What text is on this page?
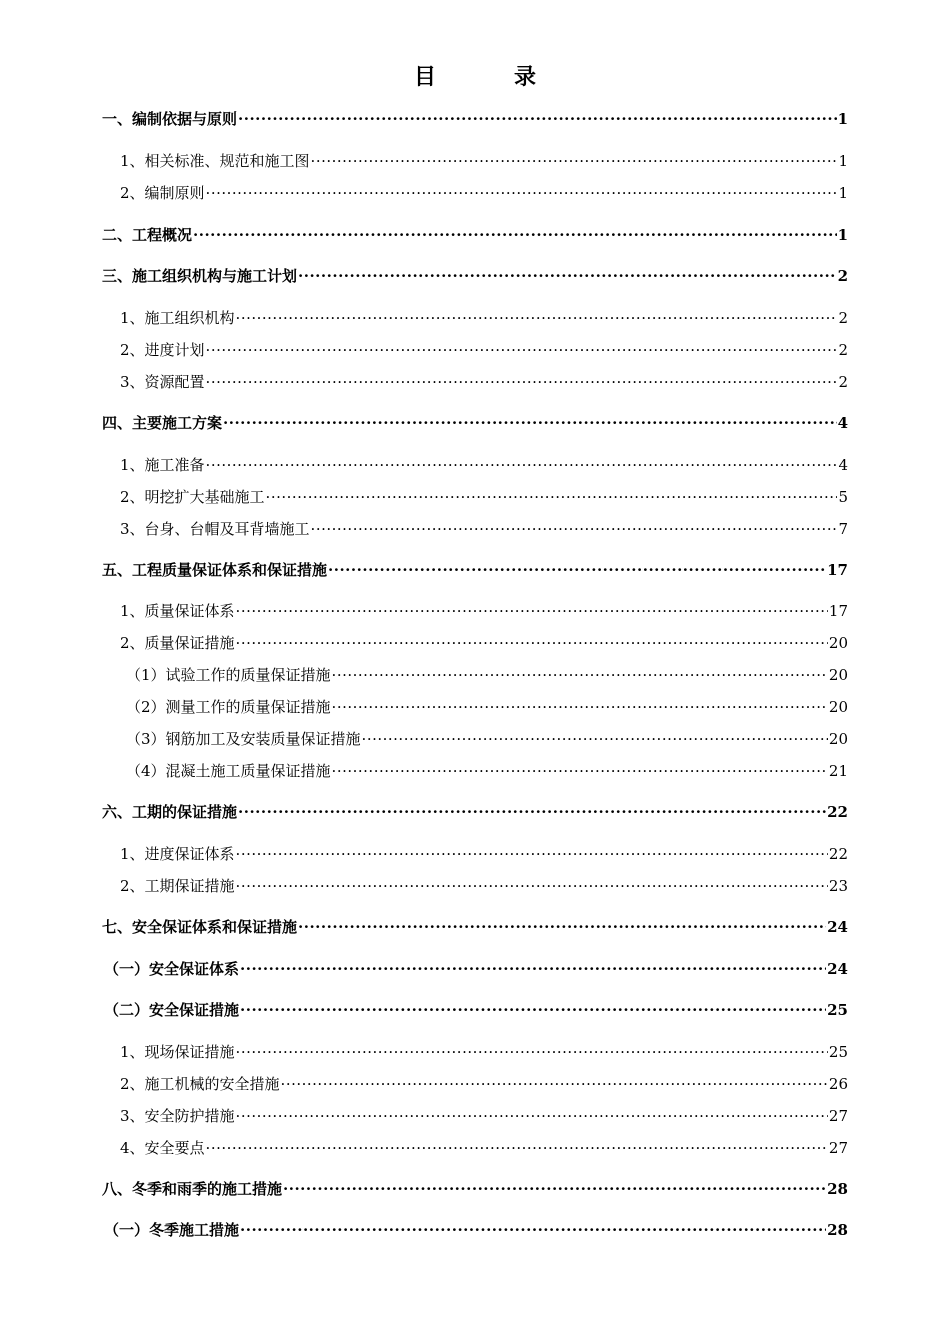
目　录
一、编制依据与原则 ·····	1
1、相关标准、规范和施工图 ·····	1
2、编制原则 ·····	1
二、工程概况 ·····	1
三、施工组织机构与施工计划 ·····	2
1、施工组织机构 ·····	2
2、进度计划 ·····	2
3、资源配置 ·····	2
四、主要施工方案 ·····	4
1、施工准备 ·····	4
2、明挖扩大基础施工 ·····	5
3、台身、台帽及耳背墙施工 ·····	7
五、工程质量保证体系和保证措施 ·····	17
1、质量保证体系 ·····	17
2、质量保证措施 ·····	20
（1）试验工作的质量保证措施 ·····	20
（2）测量工作的质量保证措施 ·····	20
（3）钢筋加工及安装质量保证措施 ·····	20
（4）混凝土施工质量保证措施 ·····	21
六、工期的保证措施 ·····	22
1、进度保证体系 ·····	22
2、工期保证措施 ·····	23
七、安全保证体系和保证措施 ·····	24
（一）安全保证体系 ·····	24
（二）安全保证措施 ·····	25
1、现场保证措施 ·····	25
2、施工机械的安全措施 ·····	26
3、安全防护措施 ·····	27
4、安全要点 ·····	27
八、冬季和雨季的施工措施 ·····	28
（一）冬季施工措施 ·····	28
